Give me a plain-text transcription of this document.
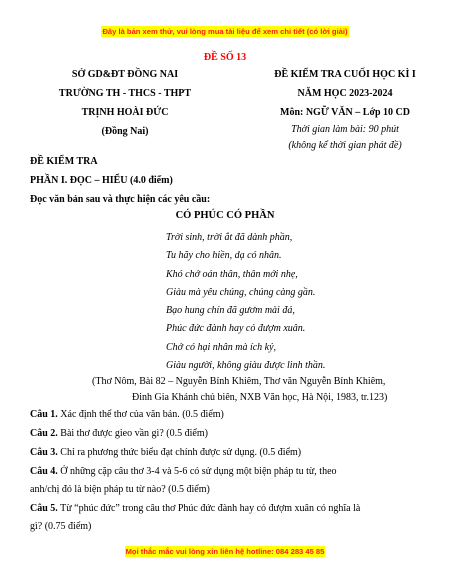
Đây là bản xem thử, vui lòng mua tài liệu để xem chi tiết (có lời giải)
ĐỀ SỐ 13
SỞ GD&ĐT ĐỒNG NAI
TRƯỜNG TH - THCS - THPT
TRỊNH HOÀI ĐỨC
(Đồng Nai)
ĐỀ KIỂM TRA CUỐI HỌC KÌ I
NĂM HỌC 2023-2024
Môn: NGỮ VĂN – Lớp 10 CD
Thời gian làm bài: 90 phút
(không kể thời gian phát đề)
ĐỀ KIỂM TRA
PHẦN I. ĐỌC – HIỂU (4.0 điểm)
Đọc văn bản sau và thực hiện các yêu cầu:
CÓ PHÚC CÓ PHẦN
Trời sinh, trời ắt đã dành phần,
Tu hãy cho hiền, dạ có nhân.
Khó chớ oán thân, thân mới nhẹ,
Giàu mà yêu chúng, chúng càng gần.
Bạo hung chín đã gươm mài đá,
Phúc đức đành hay cỏ đượm xuân.
Chớ có hại nhân mà ích kỷ,
Giàu người, không giàu được linh thần.
(Thơ Nôm, Bài 82 – Nguyễn Bỉnh Khiêm, Thơ văn Nguyễn Bỉnh Khiêm,
Đinh Gia Khánh chủ biên, NXB Văn học, Hà Nội, 1983, tr.123)
Câu 1. Xác định thể thơ của văn bản. (0.5 điểm)
Câu 2. Bài thơ được gieo vần gì? (0.5 điểm)
Câu 3. Chỉ ra phương thức biểu đạt chính được sử dụng. (0.5 điểm)
Câu 4. Ở những cặp câu thơ 3-4 và 5-6 có sử dụng một biện pháp tu từ, theo
anh/chị đó là biện pháp tu từ nào? (0.5 điểm)
Câu 5. Từ “phúc đức” trong câu thơ Phúc đức đành hay cỏ đượm xuân có nghĩa là
gì? (0.75 điểm)
Mọi thắc mắc vui lòng xin liên hệ hotline: 084 283 45 85
